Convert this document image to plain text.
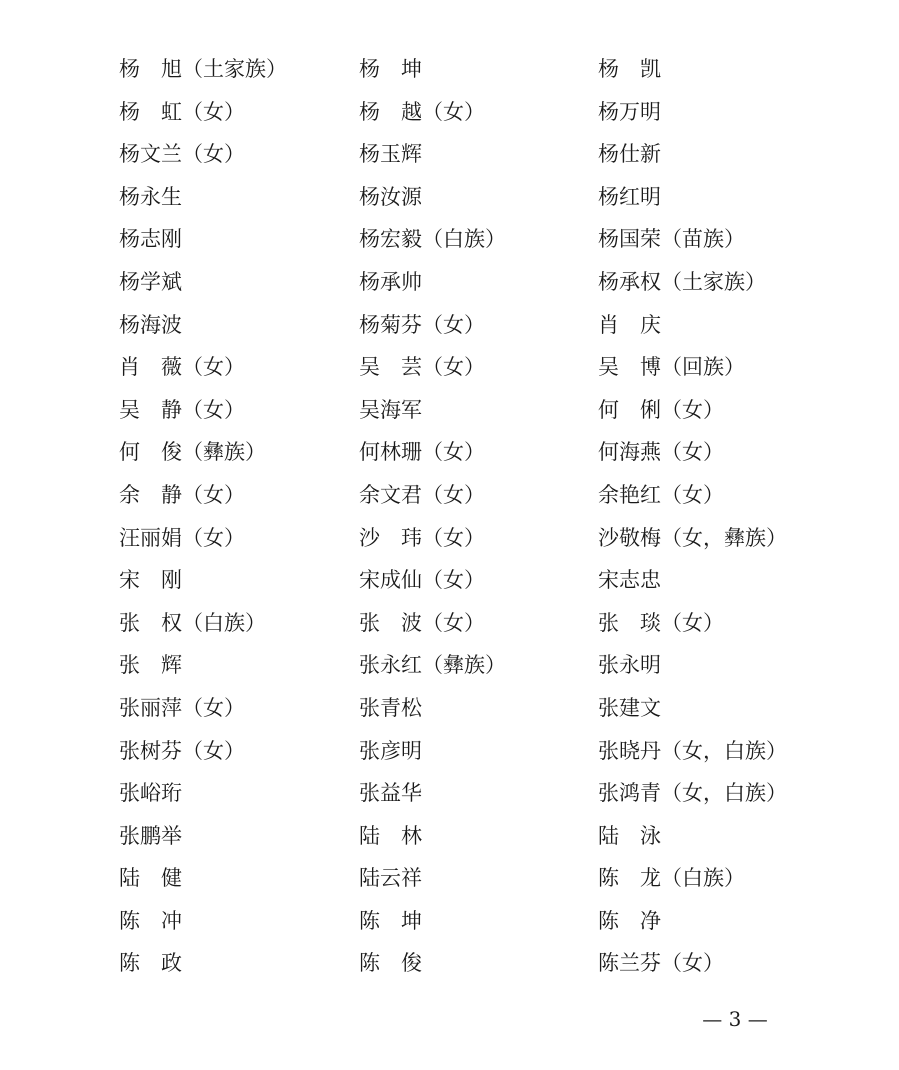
杨　旭（土家族）	杨　坤	杨　凯
杨　虹（女）	杨　越（女）	杨万明
杨文兰（女）	杨玉辉	杨仕新
杨永生	杨汝源	杨红明
杨志刚	杨宏毅（白族）	杨国荣（苗族）
杨学斌	杨承帅	杨承权（土家族）
杨海波	杨菊芬（女）	肖　庆
肖　薇（女）	吴　芸（女）	吴　博（回族）
吴　静（女）	吴海军	何　俐（女）
何　俊（彝族）	何林珊（女）	何海燕（女）
余　静（女）	余文君（女）	余艳红（女）
汪丽娟（女）	沙　玮（女）	沙敬梅（女，彝族）
宋　刚	宋成仙（女）	宋志忠
张　权（白族）	张　波（女）	张　琰（女）
张　辉	张永红（彝族）	张永明
张丽萍（女）	张青松	张建文
张树芬（女）	张彦明	张晓丹（女，白族）
张峪珩	张益华	张鸿青（女，白族）
张鹏举	陆　林	陆　泳
陆　健	陆云祥	陈　龙（白族）
陈　冲	陈　坤	陈　净
陈　政	陈　俊	陈兰芬（女）
— 3 —
